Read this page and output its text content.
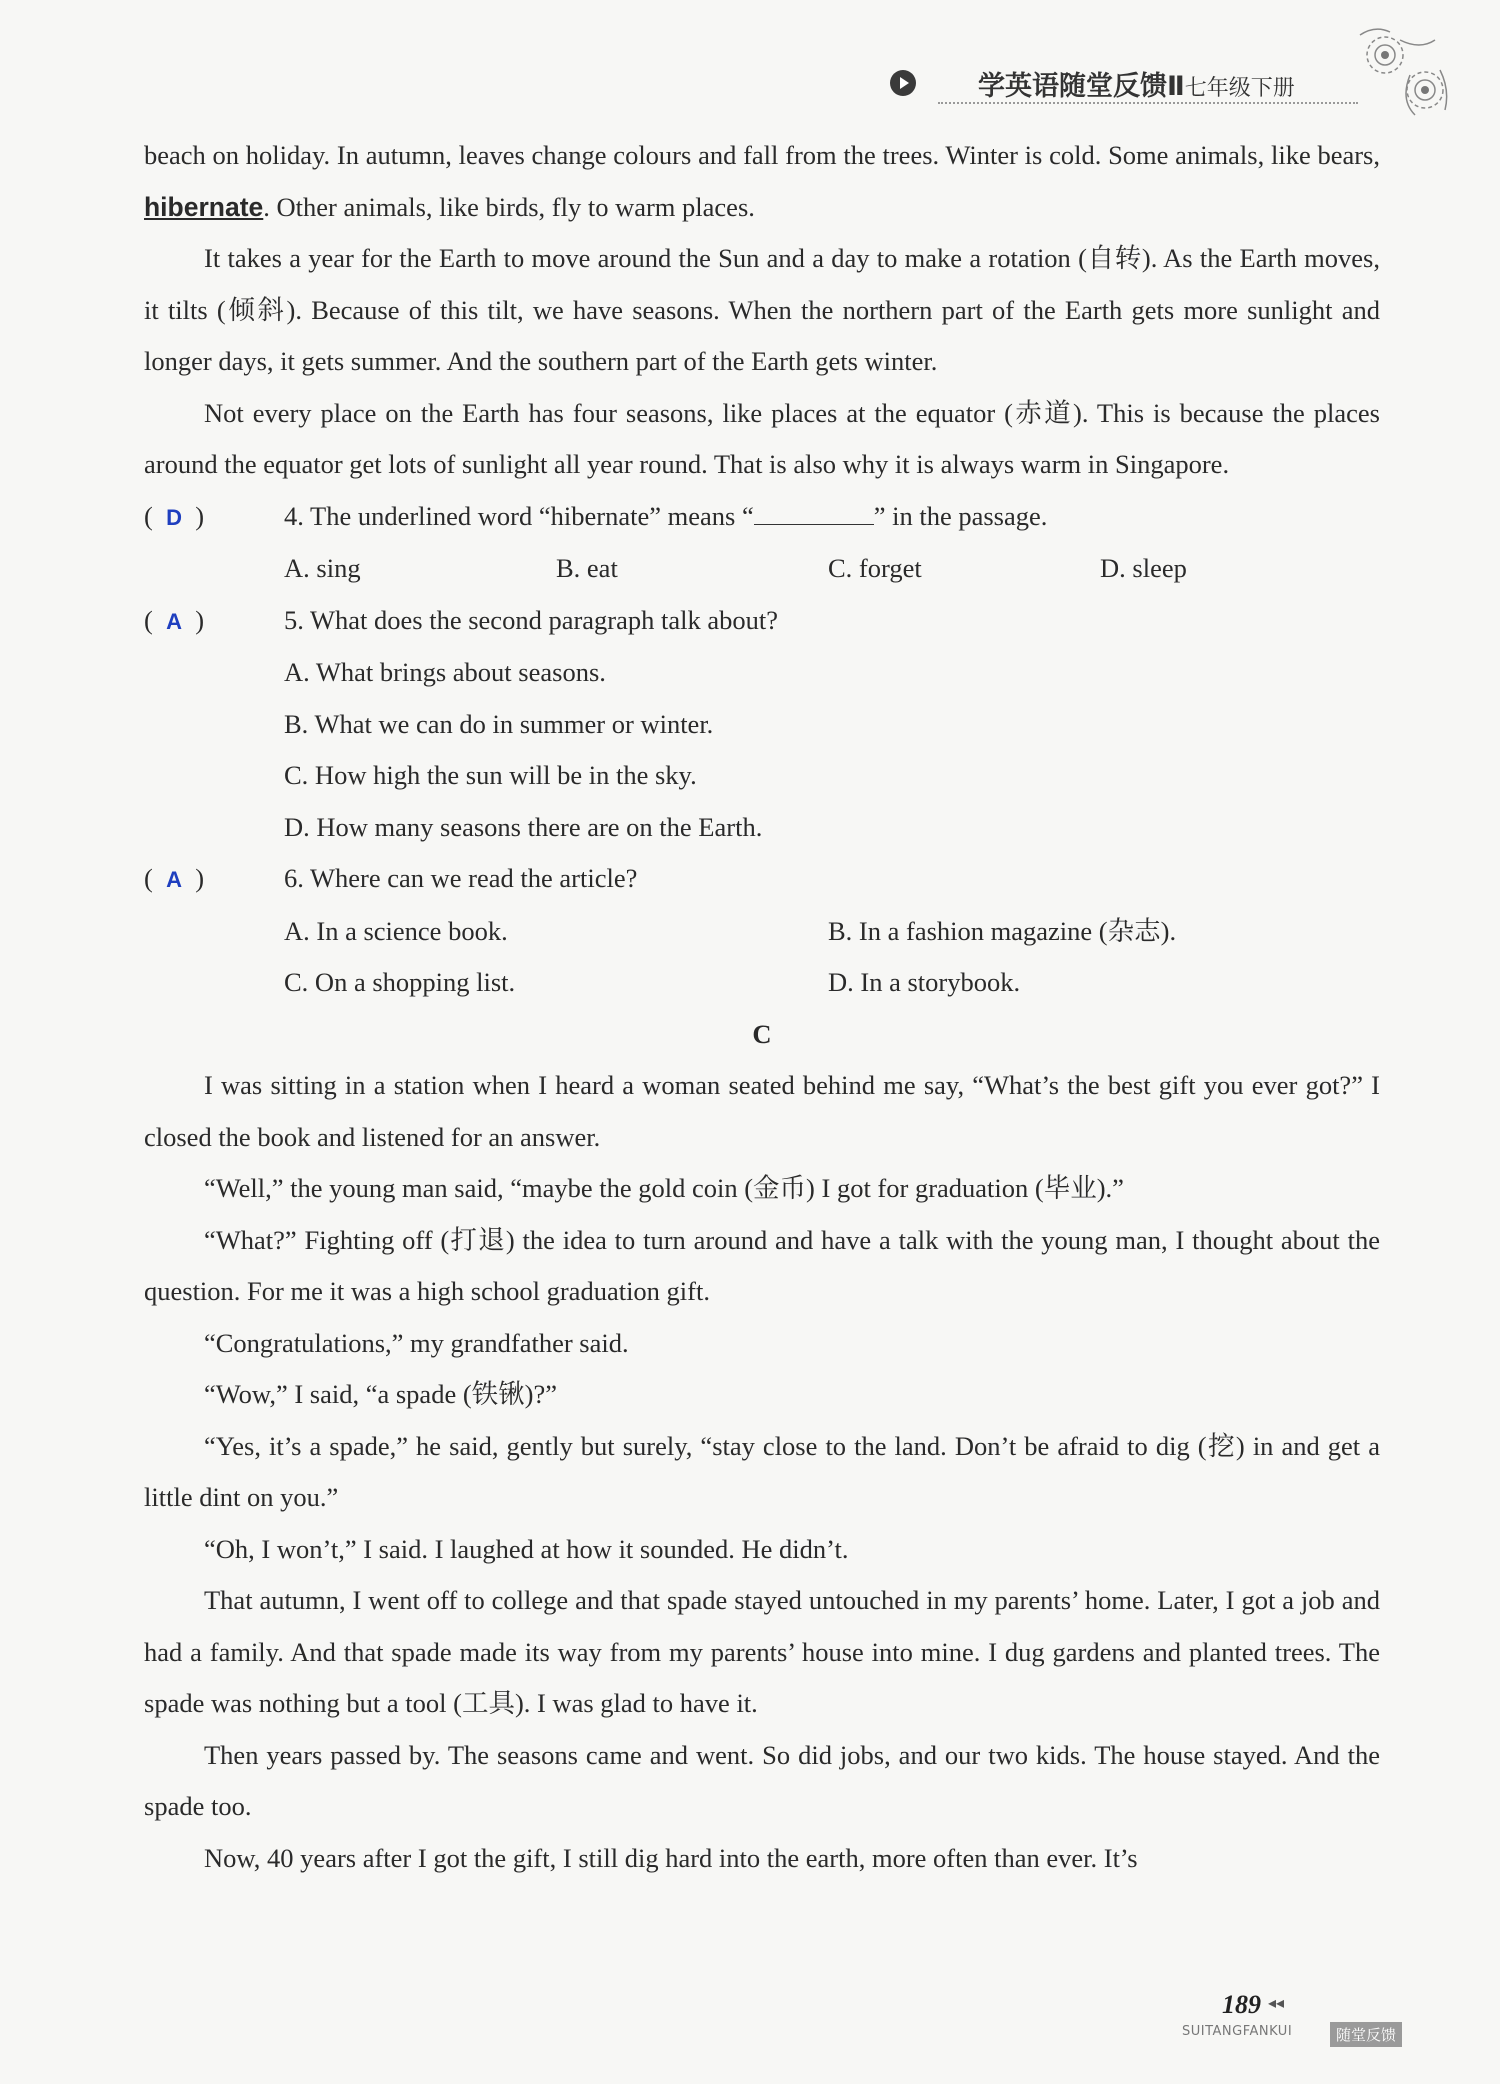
学英语随堂反馈Ⅱ七年级下册

beach on holiday. In autumn, leaves change colours and fall from the trees. Winter is cold. Some animals, like bears, hibernate. Other animals, like birds, fly to warm places.

It takes a year for the Earth to move around the Sun and a day to make a rotation (自转). As the Earth moves, it tilts (倾斜). Because of this tilt, we have seasons. When the northern part of the Earth gets more sunlight and longer days, it gets summer. And the southern part of the Earth gets winter.

Not every place on the Earth has four seasons, like places at the equator (赤道). This is because the places around the equator get lots of sunlight all year round. That is also why it is always warm in Singapore.

(  D  )	4. The underlined word “hibernate” means “	” in the passage.

A. sing	B. eat	C. forget	D. sleep

(  A  )	5. What does the second paragraph talk about?

A. What brings about seasons.

B. What we can do in summer or winter.

C. How high the sun will be in the sky.

D. How many seasons there are on the Earth.

(  A  )	6. Where can we read the article?

A. In a science book.	B. In a fashion magazine (杂志).
C. On a shopping list.	D. In a storybook.

C

I was sitting in a station when I heard a woman seated behind me say, “What’s the best gift you ever got?” I closed the book and listened for an answer.

“Well,” the young man said, “maybe the gold coin (金币) I got for graduation (毕业).”

“What?” Fighting off (打退) the idea to turn around and have a talk with the young man, I thought about the question. For me it was a high school graduation gift.

“Congratulations,” my grandfather said.

“Wow,” I said, “a spade (铁锹)?”

“Yes, it’s a spade,” he said, gently but surely, “stay close to the land. Don’t be afraid to dig (挖) in and get a little dint on you.”

“Oh, I won’t,” I said. I laughed at how it sounded. He didn’t.

That autumn, I went off to college and that spade stayed untouched in my parents’ home. Later, I got a job and had a family. And that spade made its way from my parents’ house into mine. I dug gardens and planted trees. The spade was nothing but a tool (工具). I was glad to have it.

Then years passed by. The seasons came and went. So did jobs, and our two kids. The house stayed. And the spade too.

Now, 40 years after I got the gift, I still dig hard into the earth, more often than ever. It’s

189 ◂◂
SUITANGFANKUI	随堂反馈
